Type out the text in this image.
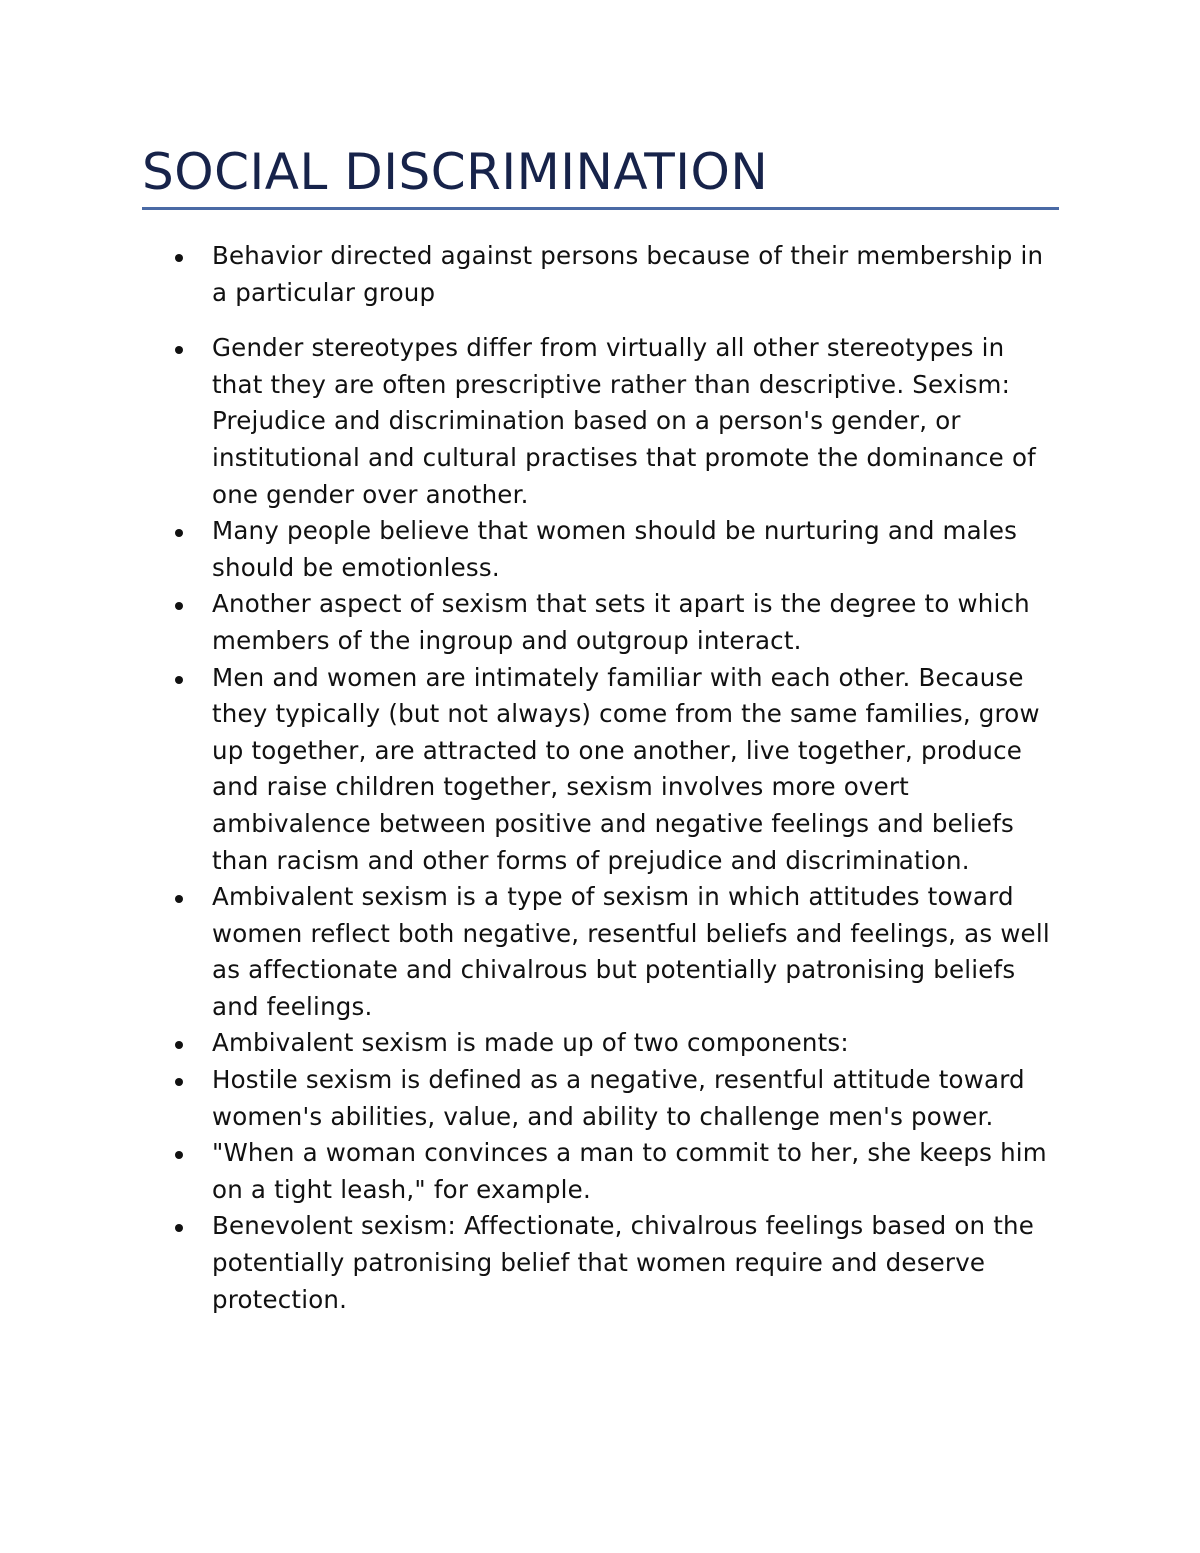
SOCIAL DISCRIMINATION
Behavior directed against persons because of their membership in a particular group
Gender stereotypes differ from virtually all other stereotypes in that they are often prescriptive rather than descriptive. Sexism: Prejudice and discrimination based on a person's gender, or institutional and cultural practises that promote the dominance of one gender over another.
Many people believe that women should be nurturing and males should be emotionless.
Another aspect of sexism that sets it apart is the degree to which members of the ingroup and outgroup interact.
Men and women are intimately familiar with each other. Because they typically (but not always) come from the same families, grow up together, are attracted to one another, live together, produce and raise children together, sexism involves more overt ambivalence between positive and negative feelings and beliefs than racism and other forms of prejudice and discrimination.
Ambivalent sexism is a type of sexism in which attitudes toward women reflect both negative, resentful beliefs and feelings, as well as affectionate and chivalrous but potentially patronising beliefs and feelings.
Ambivalent sexism is made up of two components:
Hostile sexism is defined as a negative, resentful attitude toward women's abilities, value, and ability to challenge men's power.
"When a woman convinces a man to commit to her, she keeps him on a tight leash," for example.
Benevolent sexism: Affectionate, chivalrous feelings based on the potentially patronising belief that women require and deserve protection.
